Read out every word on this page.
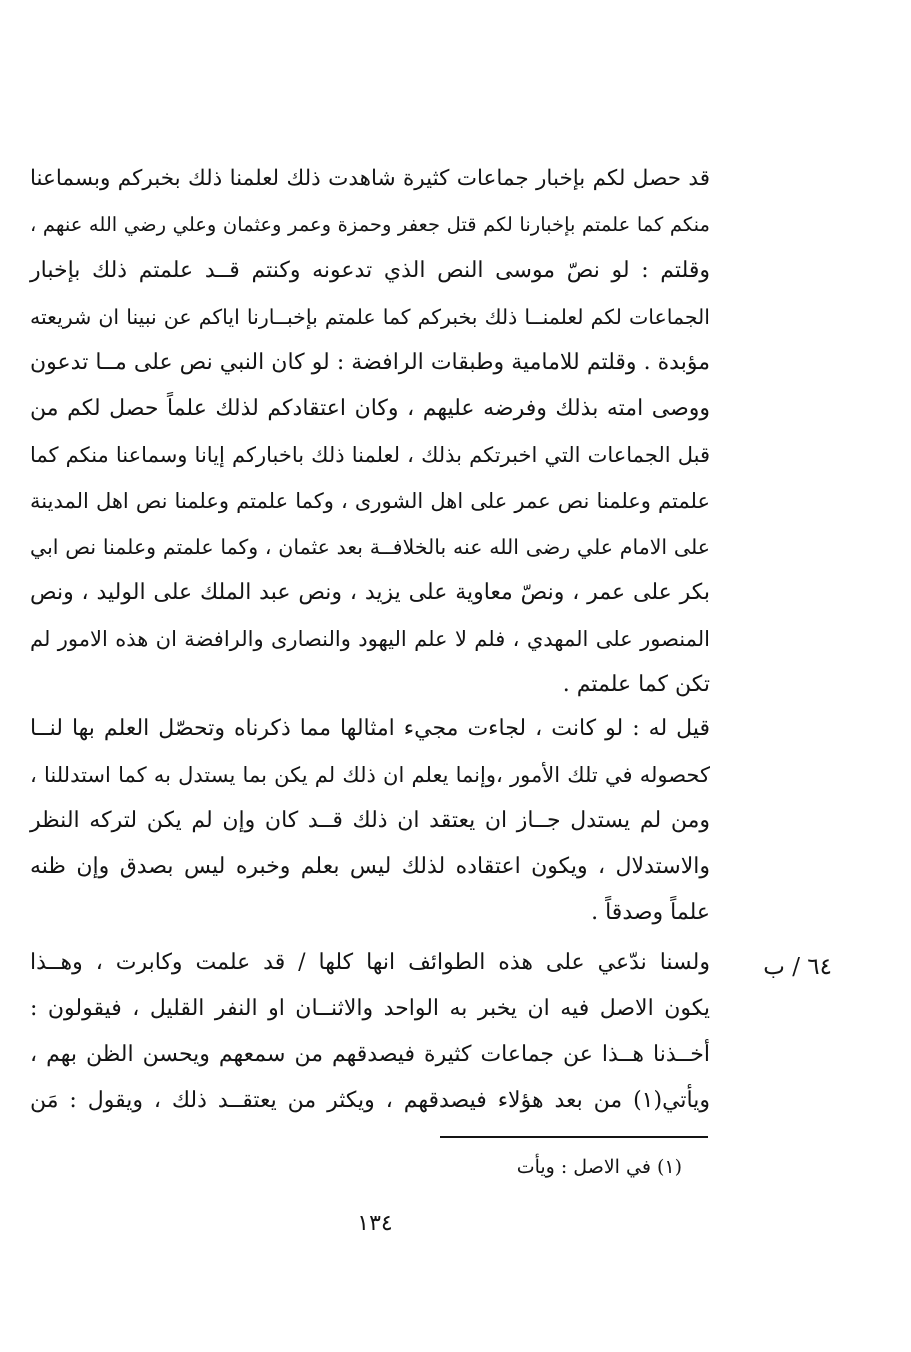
قد حصل لكم بإخبار جماعات كثيرة شاهدت ذلك لعلمنا ذلك بخبركم وبسماعنا
منكم كما علمتم بإخبارنا لكم قتل جعفر وحمزة وعمر وعثمان وعلي رضي الله عنهم ،
وقلتم : لو نصّ موسى النص الذي تدعونه وكنتم قــد علمتم ذلك بإخبار
الجماعات لكم لعلمنــا ذلك بخبركم كما علمتم بإخبــارنا اياكم عن نبينا ان شريعته
مؤبدة . وقلتم للامامية وطبقات الرافضة : لو كان النبي نص على مــا تدعون
ووصى امته بذلك وفرضه عليهم ، وكان اعتقادكم لذلك علماً حصل لكم من
قبل الجماعات التي اخبرتكم بذلك ، لعلمنا ذلك باخباركم إيانا وسماعنا منكم كما
علمتم وعلمنا نص عمر على اهل الشورى ، وكما علمتم وعلمنا نص اهل المدينة
على الامام علي رضى الله عنه بالخلافــة بعد عثمان ، وكما علمتم وعلمنا نص ابي
بكر على عمر ، ونصّ معاوية على يزيد ، ونص عبد الملك على الوليد ، ونص
المنصور على المهدي ، فلم لا علم اليهود والنصارى والرافضة ان هذه الامور لم
تكن كما علمتم .
قيل له : لو كانت ، لجاءت مجيء امثالها مما ذكرناه وتحصّل العلم بها لنــا
كحصوله في تلك الأمور ،وإنما يعلم ان ذلك لم يكن بما يستدل به كما استدللنا ،
ومن لم يستدل جــاز ان يعتقد ان ذلك قــد كان وإن لم يكن لتركه النظر
والاستدلال ، ويكون اعتقاده لذلك ليس بعلم وخبره ليس بصدق وإن ظنه
علماً وصدقاً .
٦٤ / ب
ولسنا ندّعي على هذه الطوائف انها كلها / قد علمت وكابرت ، وهــذا
يكون الاصل فيه ان يخبر به الواحد والاثنــان او النفر القليل ، فيقولون :
أخــذنا هــذا عن جماعات كثيرة فيصدقهم من سمعهم ويحسن الظن بهم ،
ويأتي(١) من بعد هؤلاء فيصدقهم ، ويكثر من يعتقــد ذلك ، ويقول : مَن
(١) في الاصل : ويأت
١٣٤
